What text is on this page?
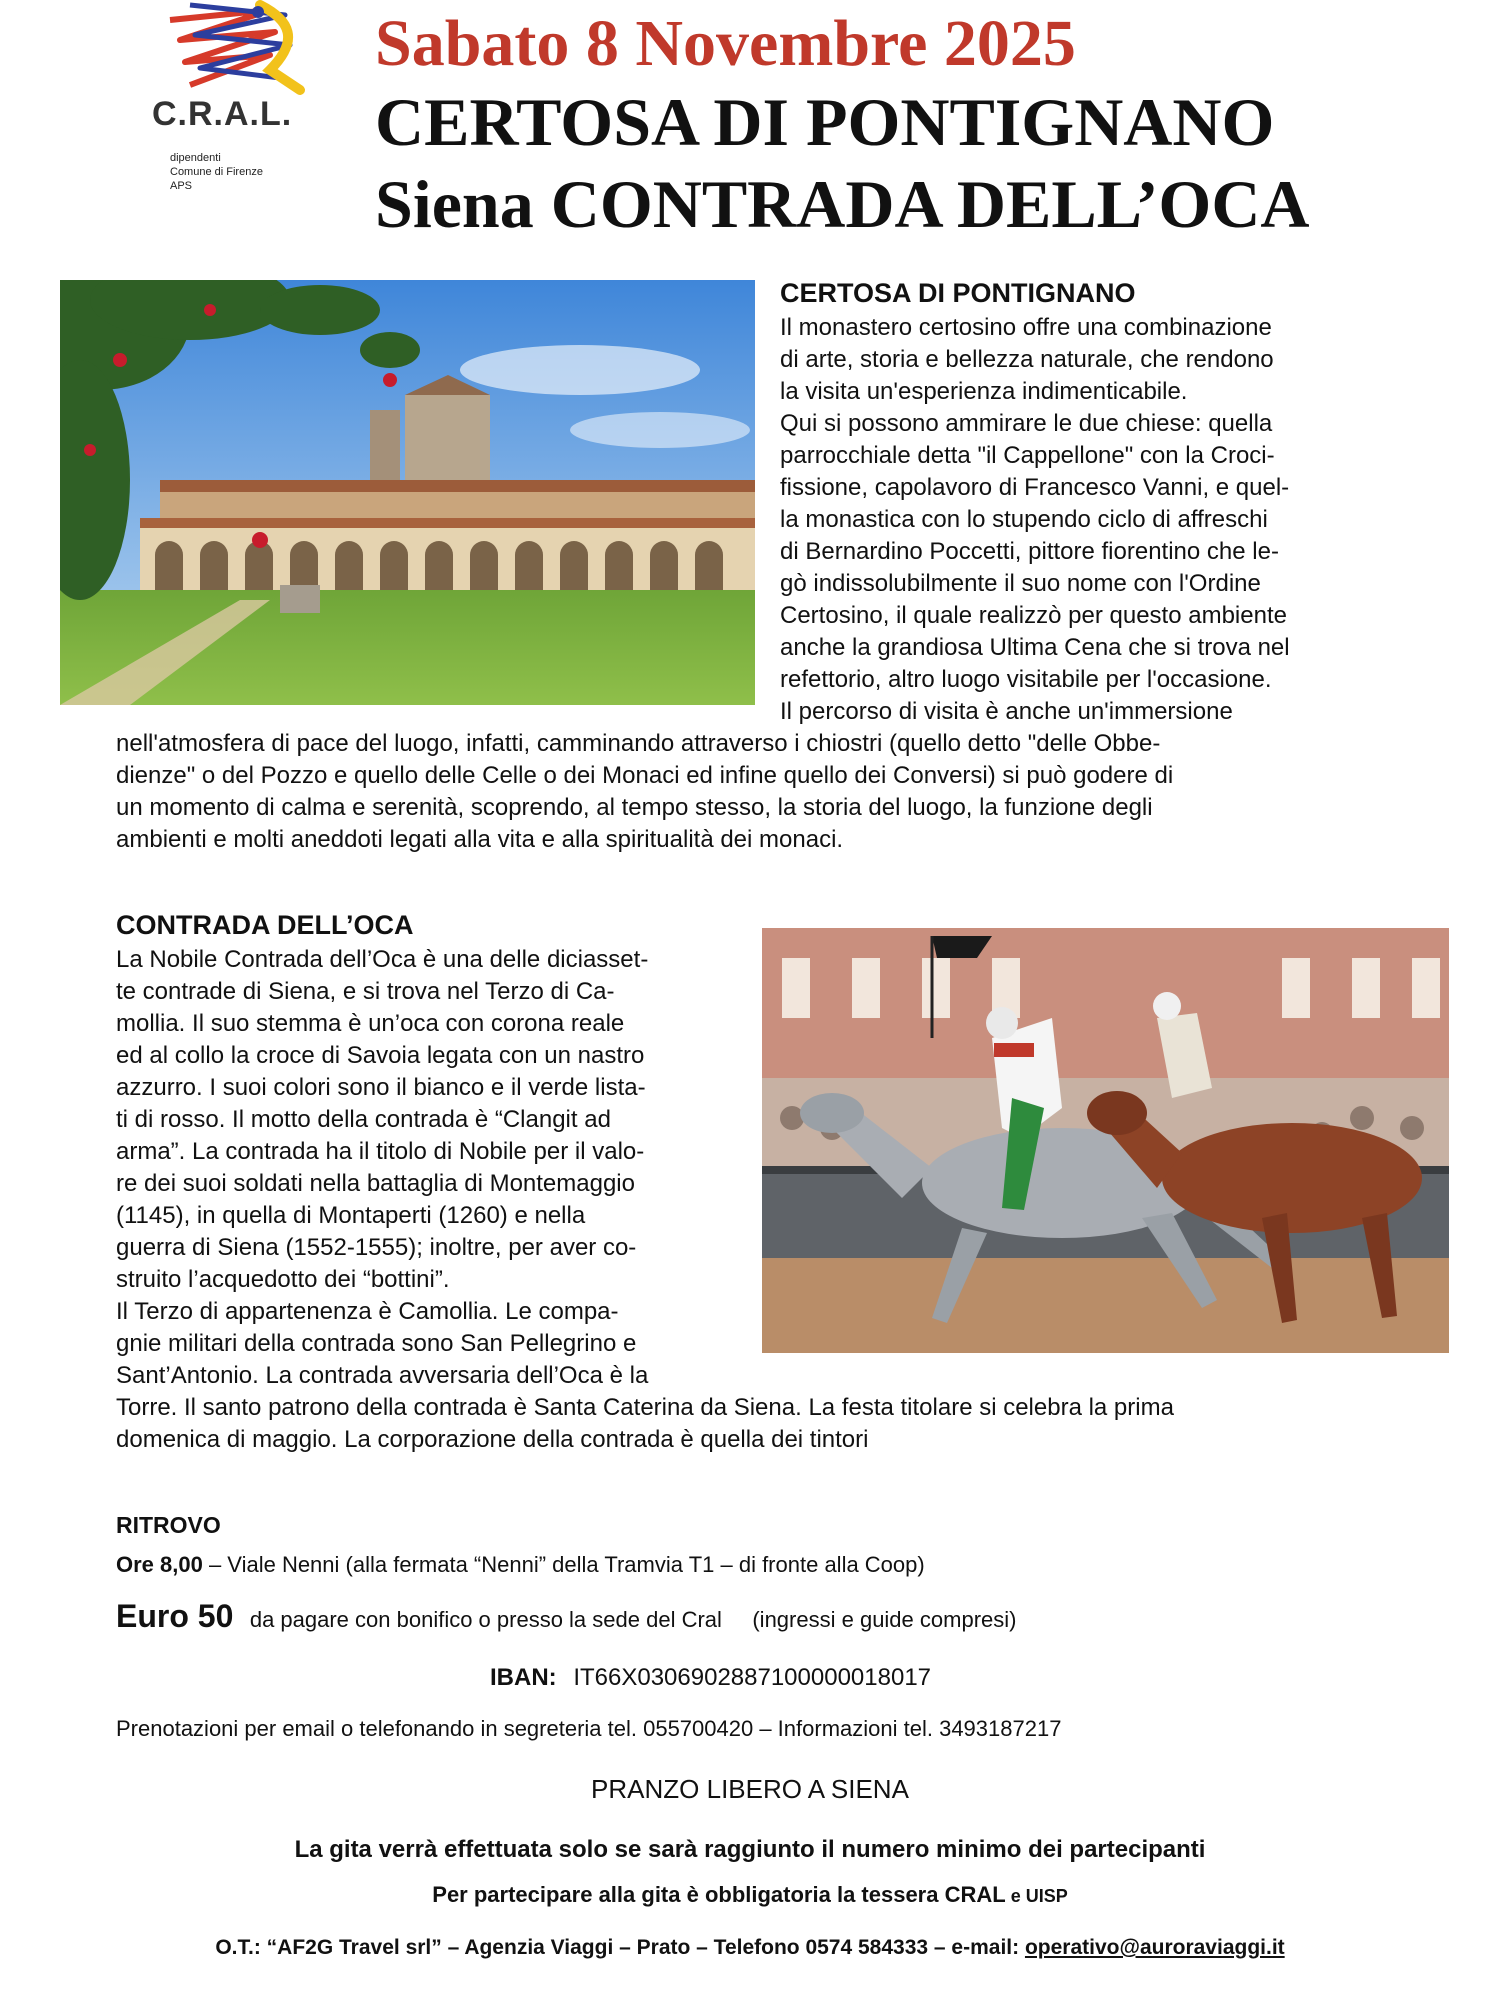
C.R.A.L.
dipendenti
Comune di Firenze
APS
Sabato 8 Novembre 2025
CERTOSA DI PONTIGNANO
Siena CONTRADA DELL’OCA
CERTOSA DI PONTIGNANO
Il monastero certosino offre una combinazione
di arte, storia e bellezza naturale, che rendono
la visita un'esperienza indimenticabile.
Qui si possono ammirare le due chiese: quella
parrocchiale detta "il Cappellone" con la Croci-
fissione, capolavoro di Francesco Vanni, e quel-
la monastica con lo stupendo ciclo di affreschi
di Bernardino Poccetti, pittore fiorentino che le-
gò indissolubilmente il suo nome con l'Ordine
Certosino, il quale realizzò per questo ambiente
anche la grandiosa Ultima Cena che si trova nel
refettorio, altro luogo visitabile per l'occasione.
Il percorso di visita è anche un'immersione
nell'atmosfera di pace del luogo, infatti, camminando attraverso i chiostri (quello detto "delle Obbe-
dienze" o del Pozzo e quello delle Celle o dei Monaci ed infine quello dei Conversi) si può godere di
un momento di calma e serenità, scoprendo, al tempo stesso, la storia del luogo, la funzione degli
ambienti e molti aneddoti legati alla vita e alla spiritualità dei monaci.
CONTRADA DELL’OCA
La Nobile Contrada dell’Oca è una delle diciasset-
te contrade di Siena, e si trova nel Terzo di Ca-
mollia. Il suo stemma è un’oca con corona reale
ed al collo la croce di Savoia legata con un nastro
azzurro. I suoi colori sono il bianco e il verde lista-
ti di rosso. Il motto della contrada è “Clangit ad
arma”. La contrada ha il titolo di Nobile per il valo-
re dei suoi soldati nella battaglia di Montemaggio
(1145), in quella di Montaperti (1260) e nella
guerra di Siena (1552-1555); inoltre, per aver co-
struito l’acquedotto dei “bottini”.
Il Terzo di appartenenza è Camollia. Le compa-
gnie militari della contrada sono San Pellegrino e
Sant’Antonio. La contrada avversaria dell’Oca è la
Torre. Il santo patrono della contrada è Santa Caterina da Siena. La festa titolare si celebra la prima
domenica di maggio. La corporazione della contrada è quella dei tintori
RITROVO
Ore 8,00 – Viale Nenni (alla fermata “Nenni” della Tramvia T1 – di fronte alla Coop)
Euro 50 da pagare con bonifico o presso la sede del Cral (ingressi e guide compresi)
IBAN: IT66X0306902887100000018017
Prenotazioni per email o telefonando in segreteria tel. 055700420 – Informazioni tel. 3493187217
PRANZO LIBERO A SIENA
La gita verrà effettuata solo se sarà raggiunto il numero minimo dei partecipanti
Per partecipare alla gita è obbligatoria la tessera CRAL e UISP
O.T.: “AF2G Travel srl” – Agenzia Viaggi – Prato – Telefono 0574 584333 – e-mail: operativo@auroraviaggi.it
